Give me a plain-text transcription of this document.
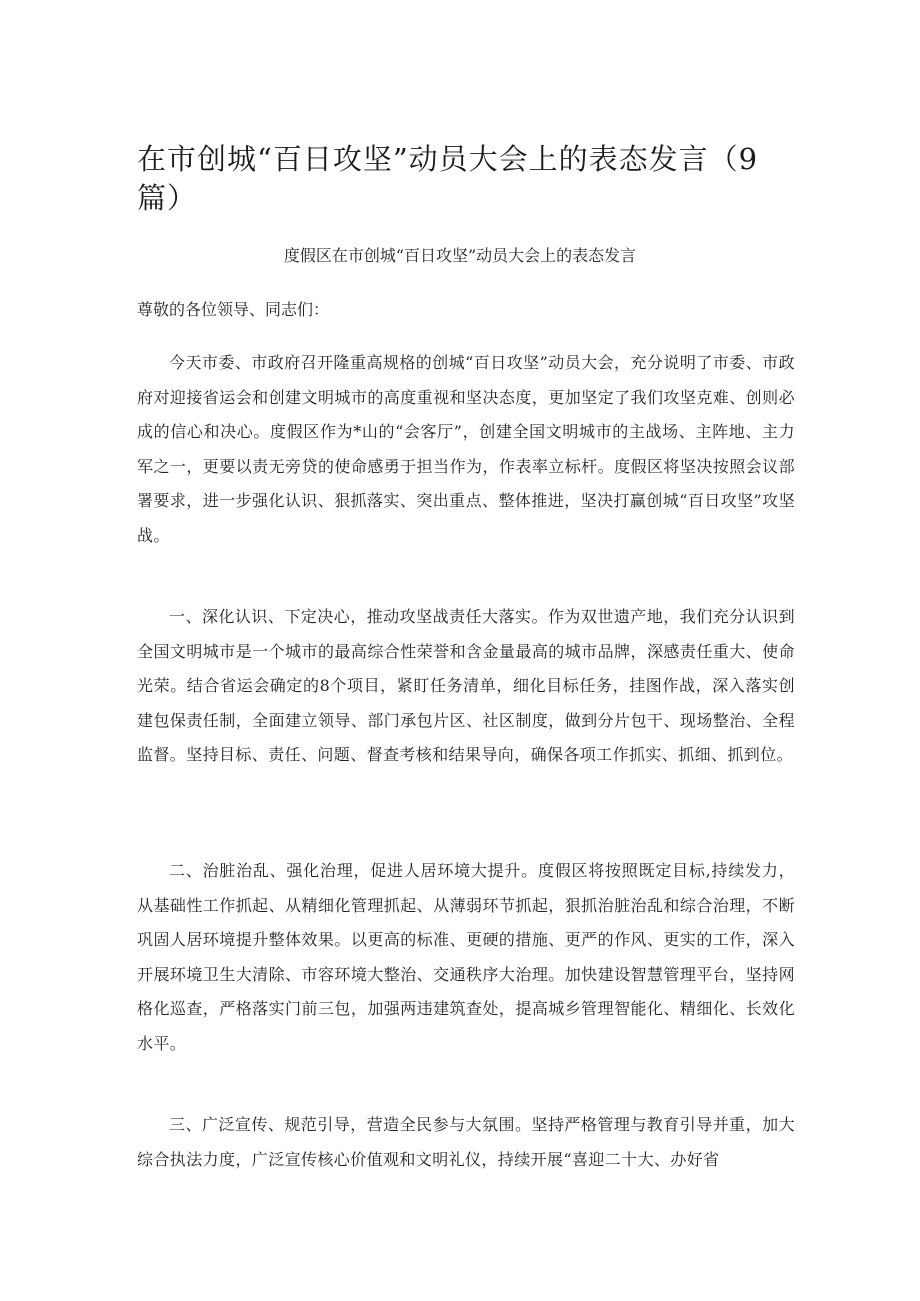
在市创城“百日攻坚”动员大会上的表态发言（9篇）

度假区在市创城“百日攻坚”动员大会上的表态发言

尊敬的各位领导、同志们：

今天市委、市政府召开隆重高规格的创城“百日攻坚”动员大会，充分说明了市委、市政府对迎接省运会和创建文明城市的高度重视和坚决态度，更加坚定了我们攻坚克难、创则必成的信心和决心。度假区作为*山的“会客厅”，创建全国文明城市的主战场、主阵地、主力军之一，更要以责无旁贷的使命感勇于担当作为，作表率立标杆。度假区将坚决按照会议部署要求，进一步强化认识、狠抓落实、突出重点、整体推进，坚决打赢创城“百日攻坚”攻坚战。

一、深化认识、下定决心，推动攻坚战责任大落实。作为双世遗产地，我们充分认识到全国文明城市是一个城市的最高综合性荣誉和含金量最高的城市品牌，深感责任重大、使命光荣。结合省运会确定的8个项目，紧盯任务清单，细化目标任务，挂图作战，深入落实创建包保责任制，全面建立领导、部门承包片区、社区制度，做到分片包干、现场整治、全程监督。坚持目标、责任、问题、督查考核和结果导向，确保各项工作抓实、抓细、抓到位。

二、治脏治乱、强化治理，促进人居环境大提升。度假区将按照既定目标,持续发力，从基础性工作抓起、从精细化管理抓起、从薄弱环节抓起，狠抓治脏治乱和综合治理，不断巩固人居环境提升整体效果。以更高的标准、更硬的措施、更严的作风、更实的工作，深入开展环境卫生大清除、市容环境大整治、交通秩序大治理。加快建设智慧管理平台，坚持网格化巡查，严格落实门前三包，加强两违建筑查处，提高城乡管理智能化、精细化、长效化水平。

三、广泛宣传、规范引导，营造全民参与大氛围。坚持严格管理与教育引导并重，加大综合执法力度，广泛宣传核心价值观和文明礼仪，持续开展“喜迎二十大、办好省
